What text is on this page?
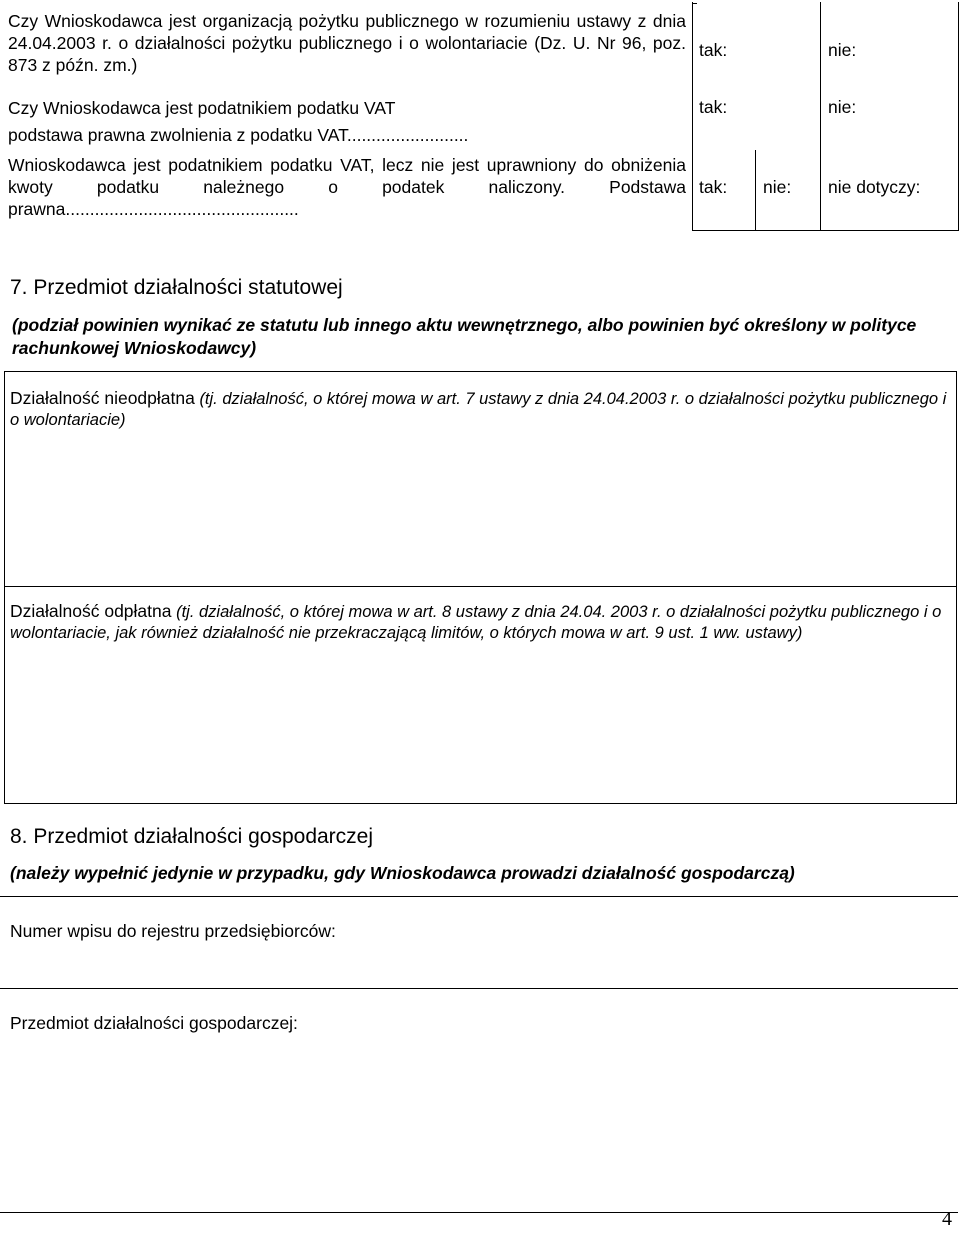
Czy Wnioskodawca jest organizacją pożytku publicznego w rozumieniu ustawy z dnia 24.04.2003 r. o działalności pożytku publicznego i o wolontariacie (Dz. U. Nr 96, poz. 873 z późn. zm.)
tak:	nie:
Czy Wnioskodawca jest podatnikiem podatku VAT
podstawa prawna zwolnienia z podatku VAT.........................
tak:	nie:
Wnioskodawca jest podatnikiem podatku VAT, lecz nie jest uprawniony do obniżenia kwoty podatku należnego o podatek naliczony. Podstawa prawna................................................
tak: nie: nie dotyczy:
7. Przedmiot działalności statutowej
(podział powinien wynikać ze statutu lub innego aktu wewnętrznego, albo powinien być określony w polityce rachunkowej Wnioskodawcy)
Działalność nieodpłatna (tj. działalność, o której mowa w art. 7 ustawy z dnia 24.04.2003 r. o działalności pożytku publicznego i o wolontariacie)
Działalność odpłatna (tj. działalność, o której mowa w art. 8 ustawy z dnia 24.04. 2003 r. o działalności pożytku publicznego i o wolontariacie, jak również działalność nie przekraczającą limitów, o których mowa w art. 9 ust. 1 ww. ustawy)
8. Przedmiot działalności gospodarczej
(należy wypełnić jedynie w przypadku, gdy Wnioskodawca prowadzi działalność gospodarczą)
Numer wpisu do rejestru przedsiębiorców:
Przedmiot działalności gospodarczej:
4
